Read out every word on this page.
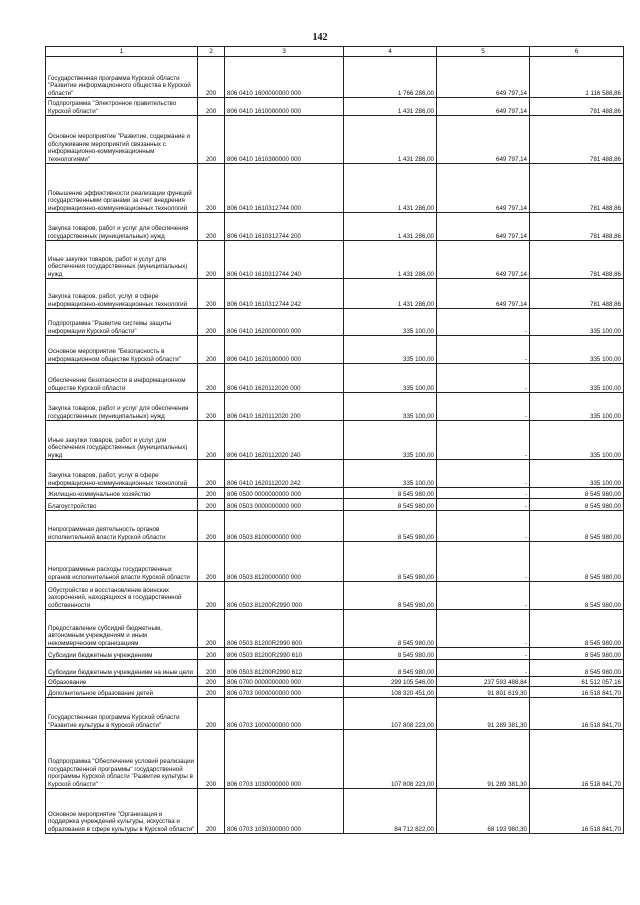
142
1	2	3	4	5	6
Государственная программа Курской области "Развитие информационного общества в Курской области"	200	806 0410 1600000000 000	1 766 286,00	649 797,14	1 116 588,86
Подпрограмма "Электронное правительство Курской области"	200	806 0410 1610000000 000	1 431 286,00	649 797,14	781 488,86
Основное мероприятие "Развитие, содержание и обслуживание мероприятий связанных с информационно-коммуникационным технологиями"	200	806 0410 1610300000 000	1 431 286,00	649 797,14	781 488,86
Повышение эффективности реализации функций государственными органами за счет внедрения информационно-коммуникационных технологий	200	806 0410 1610312744 000	1 431 286,00	649 797,14	781 488,86
Закупка товаров, работ и услуг для обеспечения государственных (муниципальных) нужд	200	806 0410 1610312744 200	1 431 286,00	649 797,14	781 488,86
Иные закупки товаров, работ и услуг для обеспечения государственных (муниципальных) нужд	200	806 0410 1610312744 240	1 431 286,00	649 797,14	781 488,86
Закупка товаров, работ, услуг в сфере информационно-коммуникационных технологий	200	806 0410 1610312744 242	1 431 286,00	649 797,14	781 488,86
Подпрограмма "Развитие системы защиты информации Курской области"	200	806 0410 1620000000 000	335 100,00	-	335 100,00
Основное мероприятие "Безопасность в информационном обществе Курской области"	200	806 0410 1620100000 000	335 100,00	-	335 100,00
Обеспечение безопасности в информационном обществе Курской области	200	806 0410 1620112020 000	335 100,00	-	335 100,00
Закупка товаров, работ и услуг для обеспечения государственных (муниципальных) нужд	200	806 0410 1620112020 200	335 100,00	-	335 100,00
Иные закупки товаров, работ и услуг для обеспечения государственных (муниципальных) нужд	200	806 0410 1620112020 240	335 100,00	-	335 100,00
Закупка товаров, работ, услуг в сфере информационно-коммуникационных технологий	200	806 0410 1620112020 242	335 100,00	-	335 100,00
Жилищно-коммунальное хозяйство	200	806 0500 0000000000 000	8 545 980,00	-	8 545 980,00
Благоустройство	200	806 0503 0000000000 000	8 545 980,00	-	8 545 980,00
Непрограммная деятельность органов исполнительной власти Курской области	200	806 0503 8100000000 000	8 545 980,00	-	8 545 980,00
Непрограммные расходы государственных органов исполнительной власти Курской области	200	806 0503 8120000000 000	8 545 980,00	-	8 545 980,00
Обустройство и восстановление воинских захоронений, находящихся в государственной собственности	200	806 0503 81200R2990 000	8 545 980,00	-	8 545 980,00
Предоставление субсидий бюджетным, автономным учреждениям и иным некоммерческим организациям	200	806 0503 81200R2990 600	8 545 980,00	-	8 545 980,00
Субсидии бюджетным учреждениям	200	806 0503 81200R2990 610	8 545 980,00	-	8 545 980,00
Субсидии бюджетным учреждениям на иные цели	200	806 0503 81200R2990 612	8 545 980,00	-	8 545 980,00
Образование	200	806 0700 0000000000 000	299 105 546,00	237 593 488,84	61 512 057,16
Дополнительное образование детей	200	806 0703 0000000000 000	108 320 451,00	91 801 619,30	16 518 841,70
Государственная программа Курской области "Развитие культуры в Курской области"	200	806 0703 1000000000 000	107 808 223,00	91 289 381,30	16 518 841,70
Подпрограмма "Обеспечение условий реализации государственной программы" государственной программы Курской области "Развитие культуры в Курской области"	200	806 0703 1030000000 000	107 808 223,00	91 289 381,30	16 518 841,70
Основное мероприятие "Организация и поддержка учреждений культуры, искусства и образования в сфере культуры в Курской области"	200	806 0703 1030300000 000	84 712 822,00	68 193 980,30	16 518 841,70
